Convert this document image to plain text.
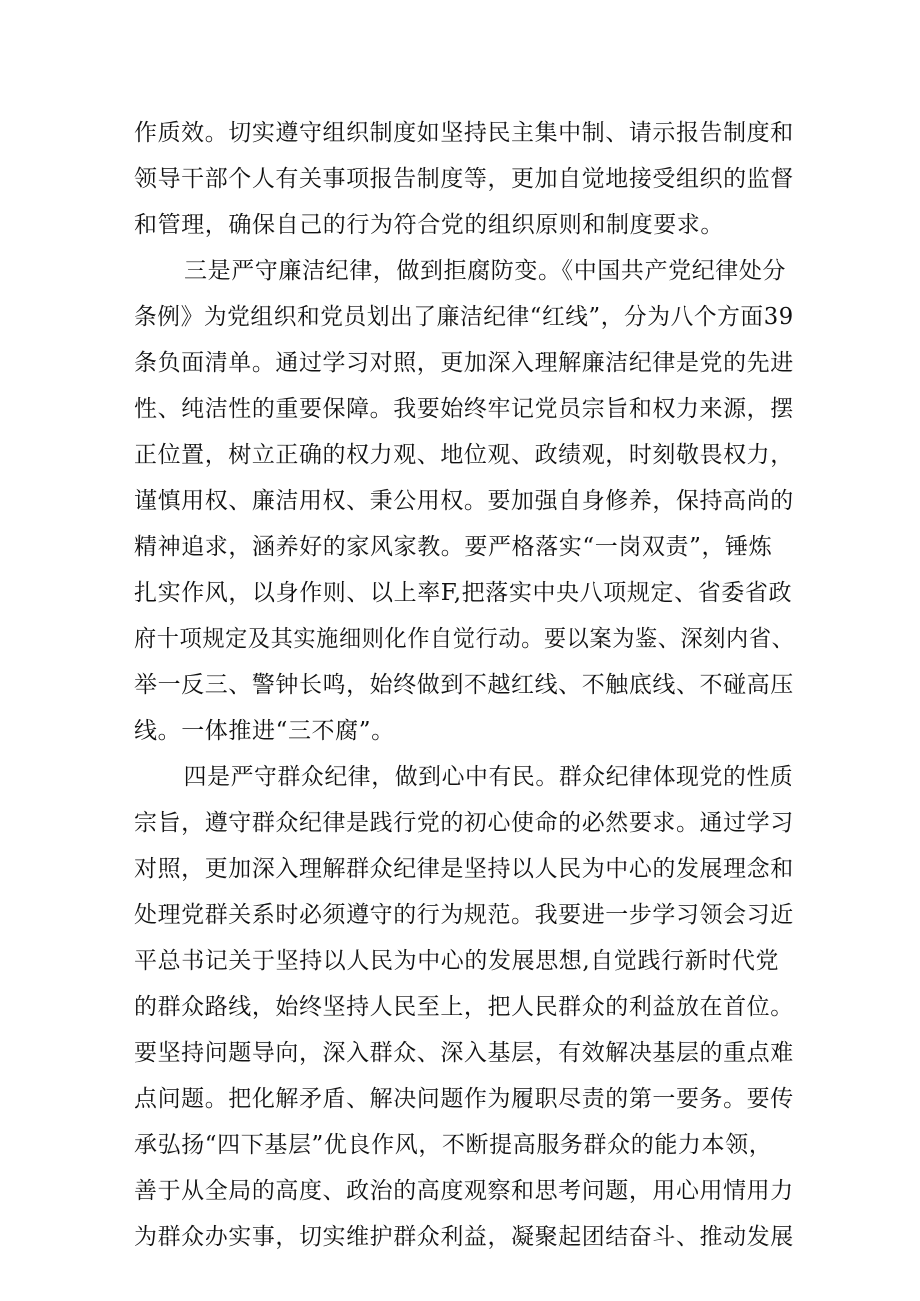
作质效。切实遵守组织制度如坚持民主集中制、请示报告制度和
领导干部个人有关事项报告制度等，更加自觉地接受组织的监督
和管理，确保自己的行为符合党的组织原则和制度要求。
三是严守廉洁纪律，做到拒腐防变。《中国共产党纪律处分
条例》为党组织和党员划出了廉洁纪律“红线”，分为八个方面39
条负面清单。通过学习对照，更加深入理解廉洁纪律是党的先进
性、纯洁性的重要保障。我要始终牢记党员宗旨和权力来源，摆
正位置，树立正确的权力观、地位观、政绩观，时刻敬畏权力，
谨慎用权、廉洁用权、秉公用权。要加强自身修养，保持高尚的
精神追求，涵养好的家风家教。要严格落实“一岗双责”，锤炼
扎实作风，以身作则、以上率F,把落实中央八项规定、省委省政
府十项规定及其实施细则化作自觉行动。要以案为鉴、深刻内省、
举一反三、警钟长鸣，始终做到不越红线、不触底线、不碰高压
线。一体推进“三不腐”。
四是严守群众纪律，做到心中有民。群众纪律体现党的性质
宗旨，遵守群众纪律是践行党的初心使命的必然要求。通过学习
对照，更加深入理解群众纪律是坚持以人民为中心的发展理念和
处理党群关系时必须遵守的行为规范。我要进一步学习领会习近
平总书记关于坚持以人民为中心的发展思想,自觉践行新时代党
的群众路线，始终坚持人民至上，把人民群众的利益放在首位。
要坚持问题导向，深入群众、深入基层，有效解决基层的重点难
点问题。把化解矛盾、解决问题作为履职尽责的第一要务。要传
承弘扬“四下基层”优良作风，不断提高服务群众的能力本领，
善于从全局的高度、政治的高度观察和思考问题，用心用情用力
为群众办实事，切实维护群众利益，凝聚起团结奋斗、推动发展
